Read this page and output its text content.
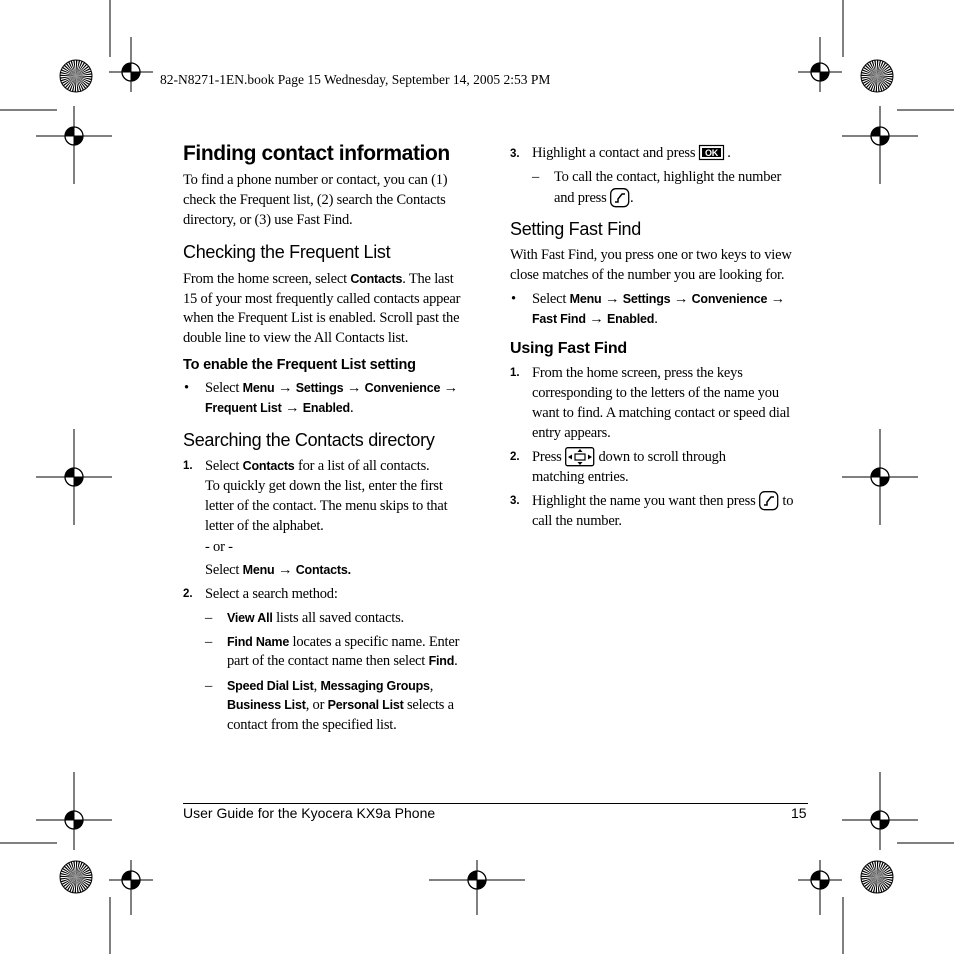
82-N8271-1EN.book Page 15 Wednesday, September 14, 2005 2:53 PM
Finding contact information
To find a phone number or contact, you can (1)
check the Frequent list, (2) search the Contacts
directory, or (3) use Fast Find.
Checking the Frequent List
From the home screen, select Contacts. The last
15 of your most frequently called contacts appear
when the Frequent List is enabled. Scroll past the
double line to view the All Contacts list.
To enable the Frequent List setting
• Select Menu → Settings → Convenience →
Frequent List → Enabled.
Searching the Contacts directory
1. Select Contacts for a list of all contacts.
To quickly get down the list, enter the first
letter of the contact. The menu skips to that
letter of the alphabet.
- or -
Select Menu → Contacts.
2. Select a search method:
– View All lists all saved contacts.
– Find Name locates a specific name. Enter
part of the contact name then select Find.
– Speed Dial List, Messaging Groups,
Business List, or Personal List selects a
contact from the specified list.
3. Highlight a contact and press OK .
– To call the contact, highlight the number
and press .
Setting Fast Find
With Fast Find, you press one or two keys to view
close matches of the number you are looking for.
• Select Menu → Settings → Convenience →
Fast Find → Enabled.
Using Fast Find
1. From the home screen, press the keys
corresponding to the letters of the name you
want to find. A matching contact or speed dial
entry appears.
2. Press  down to scroll through
matching entries.
3. Highlight the name you want then press  to
call the number.
User Guide for the Kyocera KX9a Phone	15
